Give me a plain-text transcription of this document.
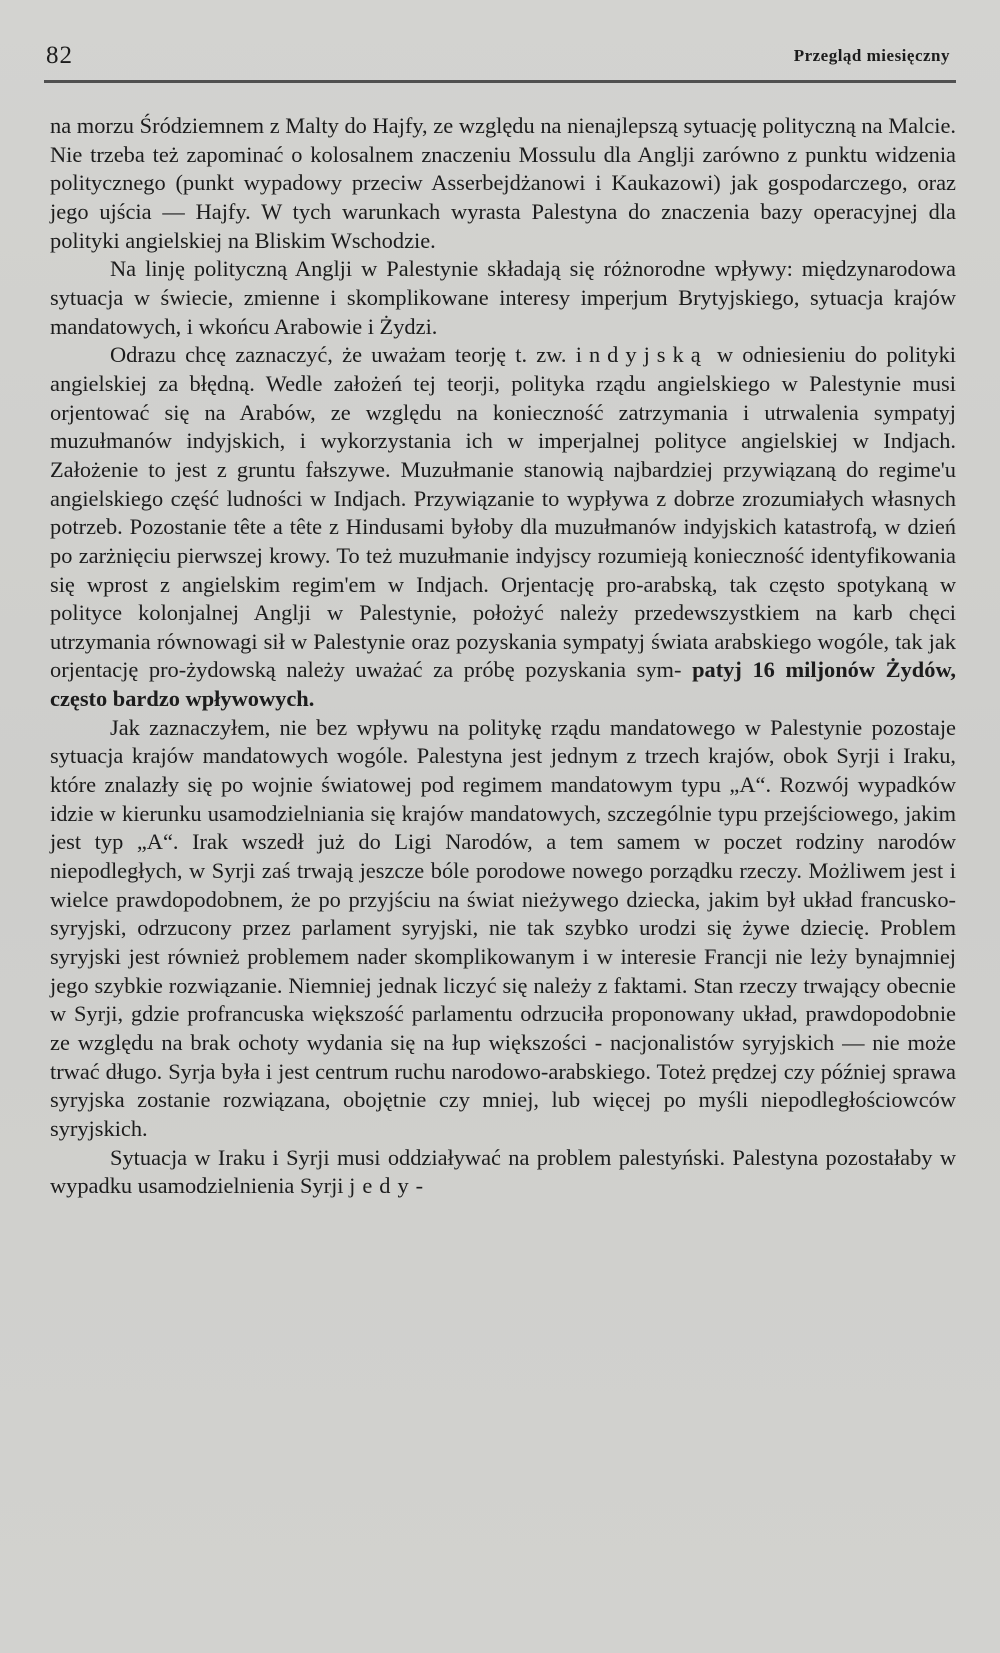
82	Przegląd miesięczny

na morzu Śródziemnem z Malty do Hajfy, ze względu na nienajlepszą sytuację polityczną na Malcie. Nie trzeba też zapominać o kolosalnem znaczeniu Mossulu dla Anglji zarówno z punktu widzenia politycznego (punkt wypadowy przeciw Asserbejdżanowi i Kaukazowi) jak gospodarczego, oraz jego ujścia — Hajfy. W tych warunkach wyrasta Palestyna do znaczenia bazy operacyjnej dla polityki angielskiej na Bliskim Wschodzie.

Na linję polityczną Anglji w Palestynie składają się różnorodne wpływy: międzynarodowa sytuacja w świecie, zmienne i skomplikowane interesy imperjum Brytyjskiego, sytuacja krajów mandatowych, i wkońcu Arabowie i Żydzi.

Odrazu chcę zaznaczyć, że uważam teorję t. zw. indyjską w odniesieniu do polityki angielskiej za błędną. Wedle założeń tej teorji, polityka rządu angielskiego w Palestynie musi orjentować się na Arabów, ze względu na konieczność zatrzymania i utrwalenia sympatyj muzułmanów indyjskich, i wykorzystania ich w imperjalnej polityce angielskiej w Indjach. Założenie to jest z gruntu fałszywe. Muzułmanie stanowią najbardziej przywiązaną do regime'u angielskiego część ludności w Indjach. Przywiązanie to wypływa z dobrze zrozumiałych własnych potrzeb. Pozostanie tête a tête z Hindusami byłoby dla muzułmanów indyjskich katastrofą, w dzień po zarżnięciu pierwszej krowy. To też muzułmanie indyjscy rozumieją konieczność identyfikowania się wprost z angielskim regim'em w Indjach. Orjentację pro-arabską, tak często spotykaną w polityce kolonjalnej Anglji w Palestynie, położyć należy przedewszystkiem na karb chęci utrzymania równowagi sił w Palestynie oraz pozyskania sympatyj świata arabskiego wogóle, tak jak orjentację pro-żydowską należy uważać za próbę pozyskania sym- patyj 16 miljonów Żydów, często bardzo wpływowych.

Jak zaznaczyłem, nie bez wpływu na politykę rządu mandatowego w Palestynie pozostaje sytuacja krajów mandatowych wogóle. Palestyna jest jednym z trzech krajów, obok Syrji i Iraku, które znalazły się po wojnie światowej pod regimem mandatowym typu „A“. Rozwój wypadków idzie w kierunku usamodzielniania się krajów mandatowych, szczególnie typu przejściowego, jakim jest typ „A“. Irak wszedł już do Ligi Narodów, a tem samem w poczet rodziny narodów niepodległych, w Syrji zaś trwają jeszcze bóle porodowe nowego porządku rzeczy. Możliwem jest i wielce prawdopodobnem, że po przyjściu na świat nieżywego dziecka, jakim był układ francusko-syryjski, odrzucony przez parlament syryjski, nie tak szybko urodzi się żywe dziecię. Problem syryjski jest również problemem nader skomplikowanym i w interesie Francji nie leży bynajmniej jego szybkie rozwiązanie. Niemniej jednak liczyć się należy z faktami. Stan rzeczy trwający obecnie w Syrji, gdzie profrancuska większość parlamentu odrzuciła proponowany układ, prawdopodobnie ze względu na brak ochoty wydania się na łup większości - nacjonalistów syryjskich — nie może trwać długo. Syrja była i jest centrum ruchu narodowo-arabskiego. Toteż prędzej czy później sprawa syryjska zostanie rozwiązana, obojętnie czy mniej, lub więcej po myśli niepodległościowców syryjskich.

Sytuacja w Iraku i Syrji musi oddziaływać na problem palestyński. Palestyna pozostałaby w wypadku usamodzielnienia Syrji jedy-
